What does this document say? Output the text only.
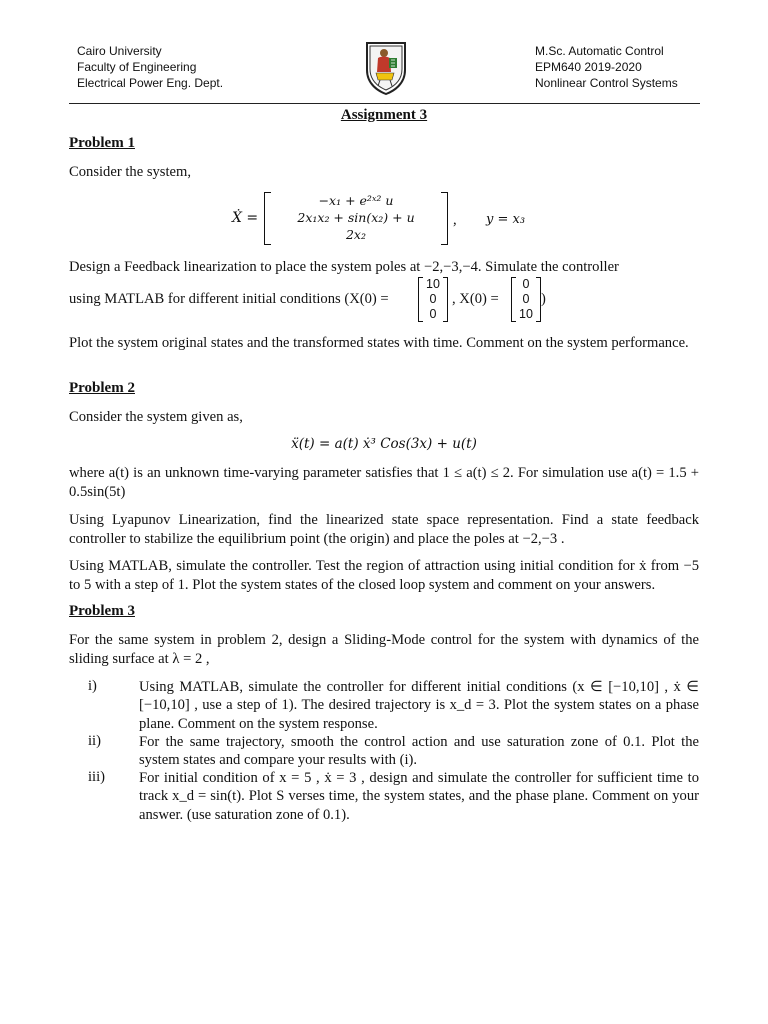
Cairo University
Faculty of Engineering
Electrical Power Eng. Dept.
M.Sc. Automatic Control
EPM640 2019-2020
Nonlinear Control Systems
Assignment 3
Problem 1
Consider the system,
Ẋ =
−x₁ + e²ˣ² u
2x₁x₂ + sin(x₂) + u
2x₂
, y = x₃
Design a Feedback linearization to place the system poles at −2,−3,−4. Simulate the controller
using MATLAB for different initial conditions (X(0) =
10
0
0
, X(0) =
0
0
10
)
Plot the system original states and the transformed states with time. Comment on the system performance.
Problem 2
Consider the system given as,
ẍ(t) = a(t) ẋ³ Cos(3x) + u(t)
where a(t) is an unknown time-varying parameter satisfies that 1 ≤ a(t) ≤ 2. For simulation use a(t) = 1.5 + 0.5sin(5t)
Using Lyapunov Linearization, find the linearized state space representation. Find a state feedback controller to stabilize the equilibrium point (the origin) and place the poles at −2,−3 .
Using MATLAB, simulate the controller. Test the region of attraction using initial condition for ẋ from −5 to 5 with a step of 1. Plot the system states of the closed loop system and comment on your answers.
Problem 3
For the same system in problem 2, design a Sliding-Mode control for the system with dynamics of the sliding surface at λ = 2 ,
i)	Using MATLAB, simulate the controller for different initial conditions (x ∈ [−10,10] , ẋ ∈ [−10,10] , use a step of 1). The desired trajectory is x_d = 3. Plot the system states on a phase plane. Comment on the system response.
ii)	For the same trajectory, smooth the control action and use saturation zone of 0.1. Plot the system states and compare your results with (i).
iii) For initial condition of x = 5 , ẋ = 3 , design and simulate the controller for sufficient time to track x_d = sin(t). Plot S verses time, the system states, and the phase plane. Comment on your answer. (use saturation zone of 0.1).
